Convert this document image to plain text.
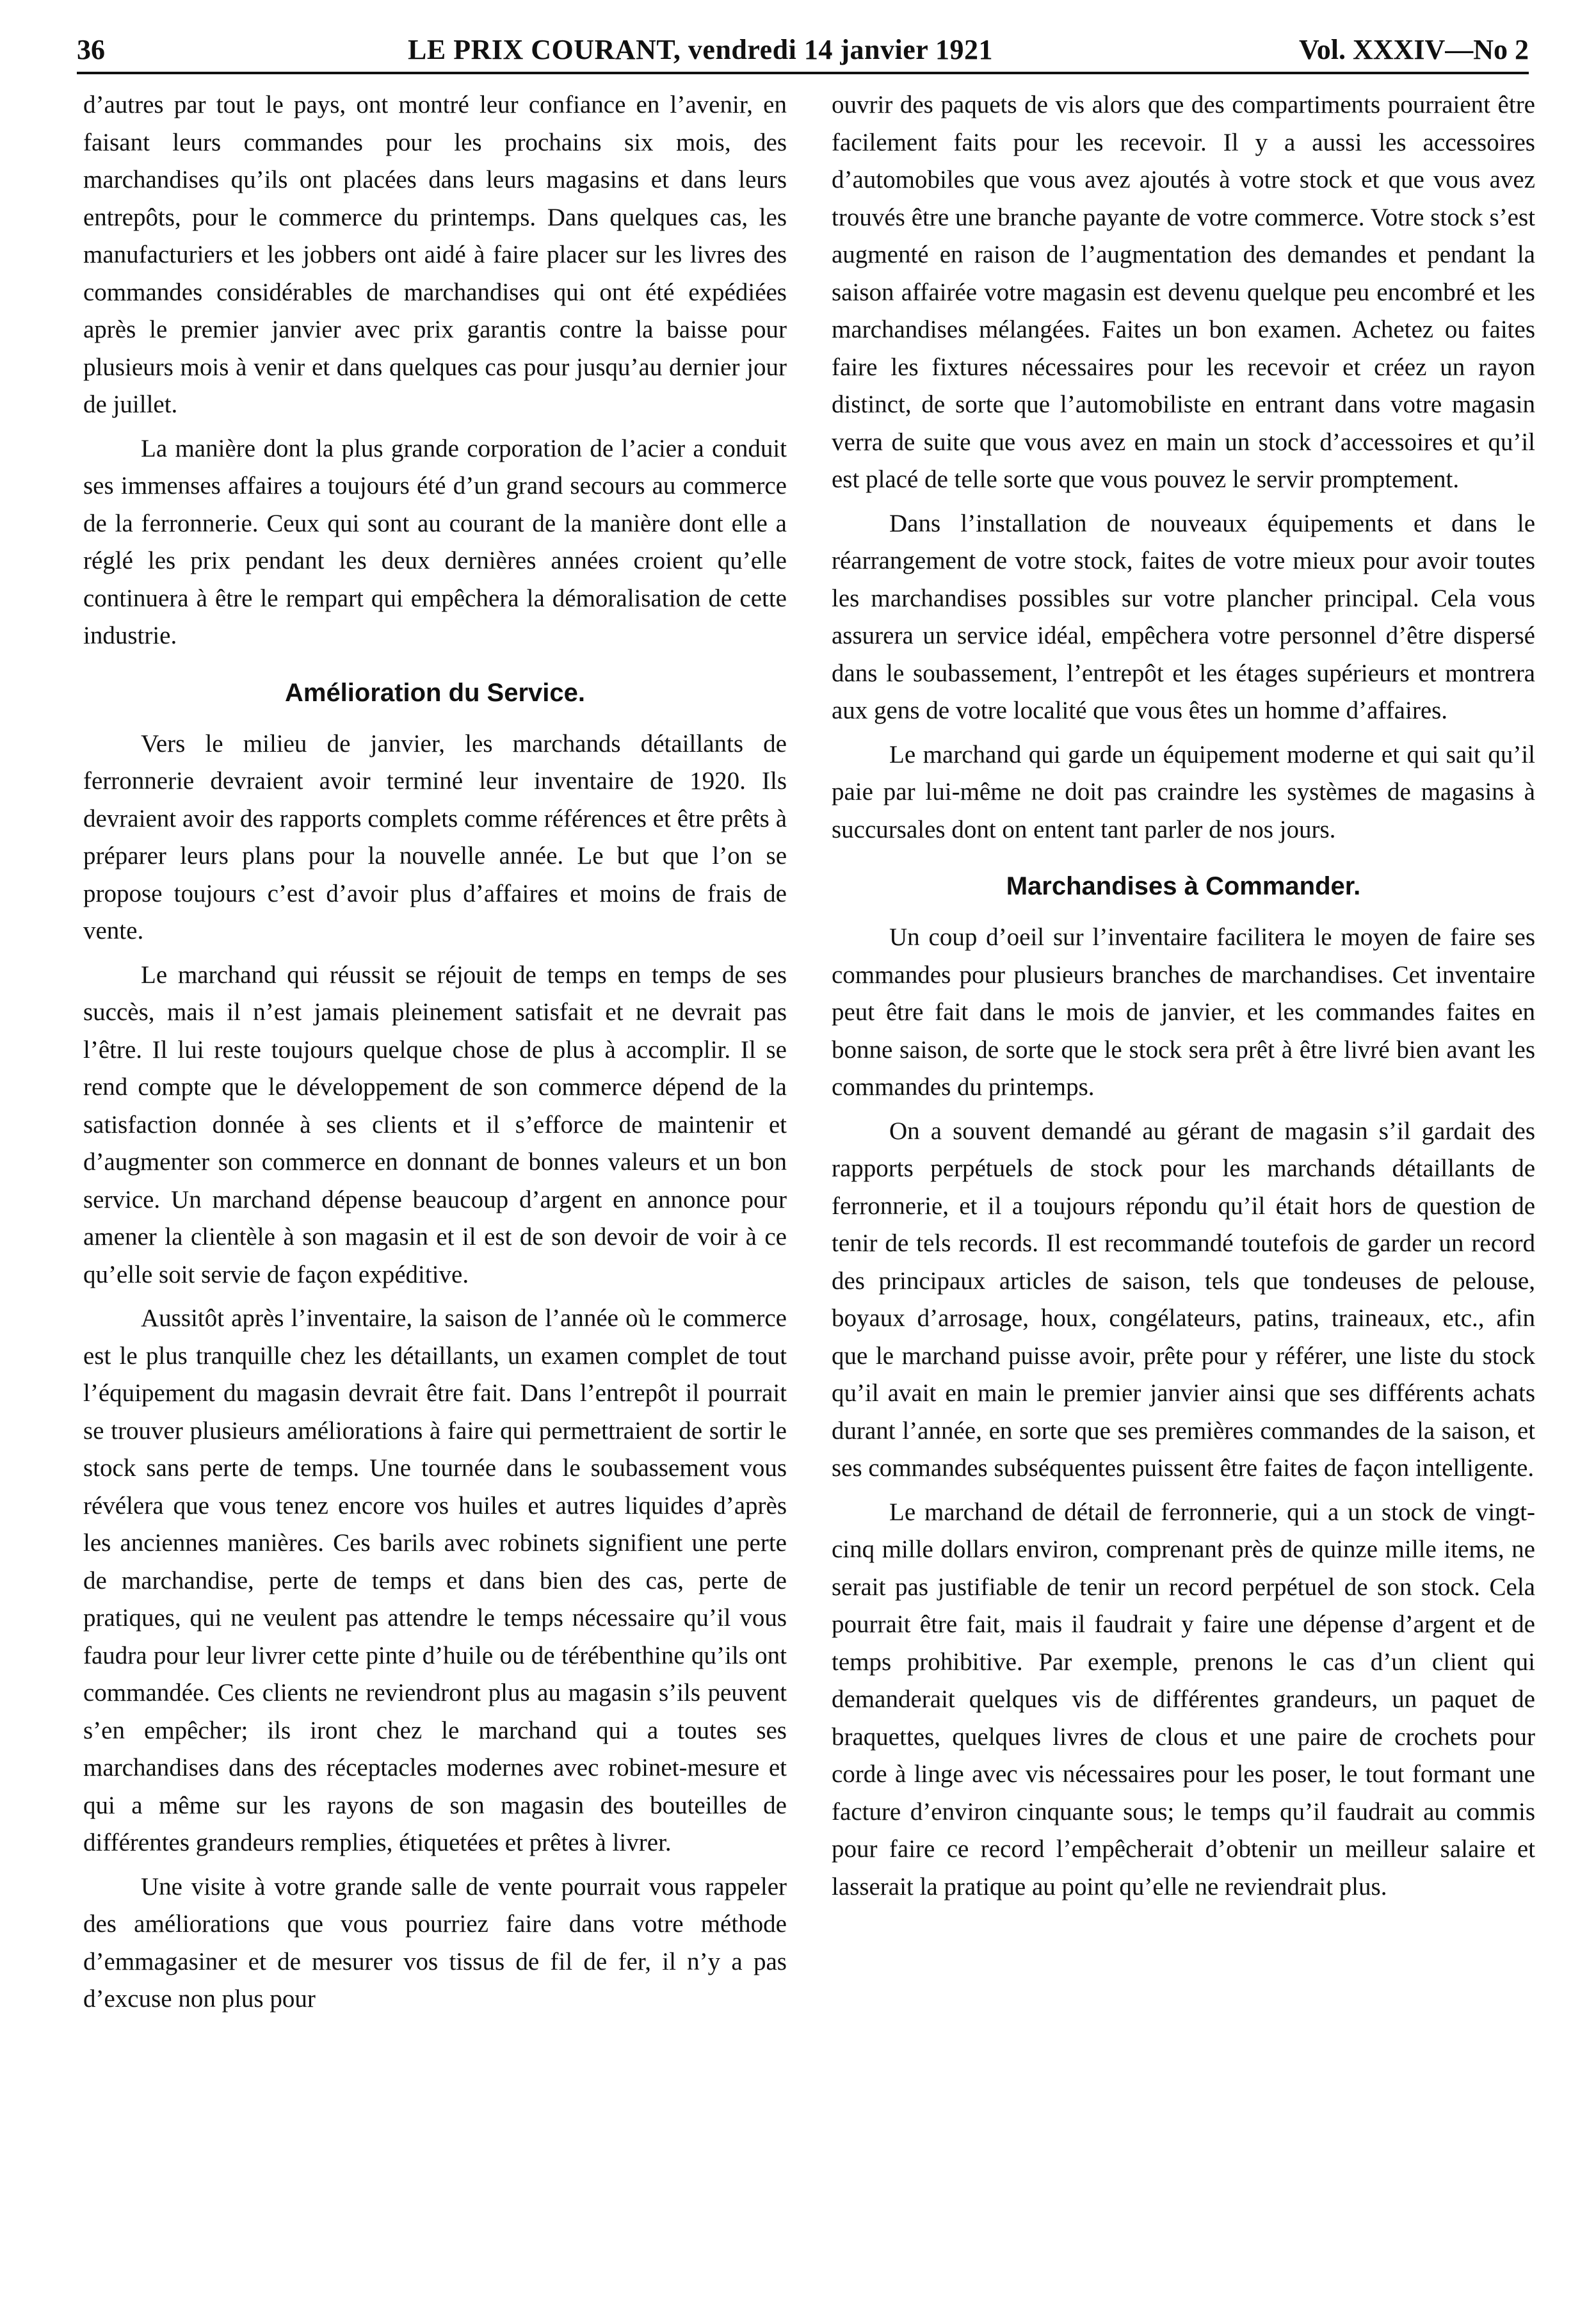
36	LE PRIX COURANT, vendredi 14 janvier 1921	Vol. XXXIV—No 2

d’autres par tout le pays, ont montré leur confiance en l’avenir, en faisant leurs commandes pour les prochains six mois, des marchandises qu’ils ont placées dans leurs magasins et dans leurs entrepôts, pour le commerce du printemps. Dans quelques cas, les manufacturiers et les jobbers ont aidé à faire placer sur les livres des commandes considérables de marchandises qui ont été expédiées après le premier janvier avec prix garantis contre la baisse pour plusieurs mois à venir et dans quelques cas pour jusqu’au dernier jour de juillet.

La manière dont la plus grande corporation de l’acier a conduit ses immenses affaires a toujours été d’un grand secours au commerce de la ferronnerie. Ceux qui sont au courant de la manière dont elle a réglé les prix pendant les deux dernières années croient qu’elle continuera à être le rempart qui empêchera la démoralisation de cette industrie.

Amélioration du Service.

Vers le milieu de janvier, les marchands détaillants de ferronnerie devraient avoir terminé leur inventaire de 1920. Ils devraient avoir des rapports complets comme références et être prêts à préparer leurs plans pour la nouvelle année. Le but que l’on se propose toujours c’est d’avoir plus d’affaires et moins de frais de vente.

Le marchand qui réussit se réjouit de temps en temps de ses succès, mais il n’est jamais pleinement satisfait et ne devrait pas l’être. Il lui reste toujours quelque chose de plus à accomplir. Il se rend compte que le développement de son commerce dépend de la satisfaction donnée à ses clients et il s’efforce de maintenir et d’augmenter son commerce en donnant de bonnes valeurs et un bon service. Un marchand dépense beaucoup d’argent en annonce pour amener la clientèle à son magasin et il est de son devoir de voir à ce qu’elle soit servie de façon expéditive.

Aussitôt après l’inventaire, la saison de l’année où le commerce est le plus tranquille chez les détaillants, un examen complet de tout l’équipement du magasin devrait être fait. Dans l’entrepôt il pourrait se trouver plusieurs améliorations à faire qui permettraient de sortir le stock sans perte de temps. Une tournée dans le soubassement vous révélera que vous tenez encore vos huiles et autres liquides d’après les anciennes manières. Ces barils avec robinets signifient une perte de marchandise, perte de temps et dans bien des cas, perte de pratiques, qui ne veulent pas attendre le temps nécessaire qu’il vous faudra pour leur livrer cette pinte d’huile ou de térébenthine qu’ils ont commandée. Ces clients ne reviendront plus au magasin s’ils peuvent s’en empêcher; ils iront chez le marchand qui a toutes ses marchandises dans des réceptacles modernes avec robinet-mesure et qui a même sur les rayons de son magasin des bouteilles de différentes grandeurs remplies, étiquetées et prêtes à livrer.

Une visite à votre grande salle de vente pourrait vous rappeler des améliorations que vous pourriez faire dans votre méthode d’emmagasiner et de mesurer vos tissus de fil de fer, il n’y a pas d’excuse non plus pour

ouvrir des paquets de vis alors que des compartiments pourraient être facilement faits pour les recevoir. Il y a aussi les accessoires d’automobiles que vous avez ajoutés à votre stock et que vous avez trouvés être une branche payante de votre commerce. Votre stock s’est augmenté en raison de l’augmentation des demandes et pendant la saison affairée votre magasin est devenu quelque peu encombré et les marchandises mélangées. Faites un bon examen. Achetez ou faites faire les fixtures nécessaires pour les recevoir et créez un rayon distinct, de sorte que l’automobiliste en entrant dans votre magasin verra de suite que vous avez en main un stock d’accessoires et qu’il est placé de telle sorte que vous pouvez le servir promptement.

Dans l’installation de nouveaux équipements et dans le réarrangement de votre stock, faites de votre mieux pour avoir toutes les marchandises possibles sur votre plancher principal. Cela vous assurera un service idéal, empêchera votre personnel d’être dispersé dans le soubassement, l’entrepôt et les étages supérieurs et montrera aux gens de votre localité que vous êtes un homme d’affaires.

Le marchand qui garde un équipement moderne et qui sait qu’il paie par lui-même ne doit pas craindre les systèmes de magasins à succursales dont on entent tant parler de nos jours.

Marchandises à Commander.

Un coup d’oeil sur l’inventaire facilitera le moyen de faire ses commandes pour plusieurs branches de marchandises. Cet inventaire peut être fait dans le mois de janvier, et les commandes faites en bonne saison, de sorte que le stock sera prêt à être livré bien avant les commandes du printemps.

On a souvent demandé au gérant de magasin s’il gardait des rapports perpétuels de stock pour les marchands détaillants de ferronnerie, et il a toujours répondu qu’il était hors de question de tenir de tels records. Il est recommandé toutefois de garder un record des principaux articles de saison, tels que tondeuses de pelouse, boyaux d’arrosage, houx, congélateurs, patins, traineaux, etc., afin que le marchand puisse avoir, prête pour y référer, une liste du stock qu’il avait en main le premier janvier ainsi que ses différents achats durant l’année, en sorte que ses premières commandes de la saison, et ses commandes subséquentes puissent être faites de façon intelligente.

Le marchand de détail de ferronnerie, qui a un stock de vingt-cinq mille dollars environ, comprenant près de quinze mille items, ne serait pas justifiable de tenir un record perpétuel de son stock. Cela pourrait être fait, mais il faudrait y faire une dépense d’argent et de temps prohibitive. Par exemple, prenons le cas d’un client qui demanderait quelques vis de différentes grandeurs, un paquet de braquettes, quelques livres de clous et une paire de crochets pour corde à linge avec vis nécessaires pour les poser, le tout formant une facture d’environ cinquante sous; le temps qu’il faudrait au commis pour faire ce record l’empêcherait d’obtenir un meilleur salaire et lasserait la pratique au point qu’elle ne reviendrait plus.
